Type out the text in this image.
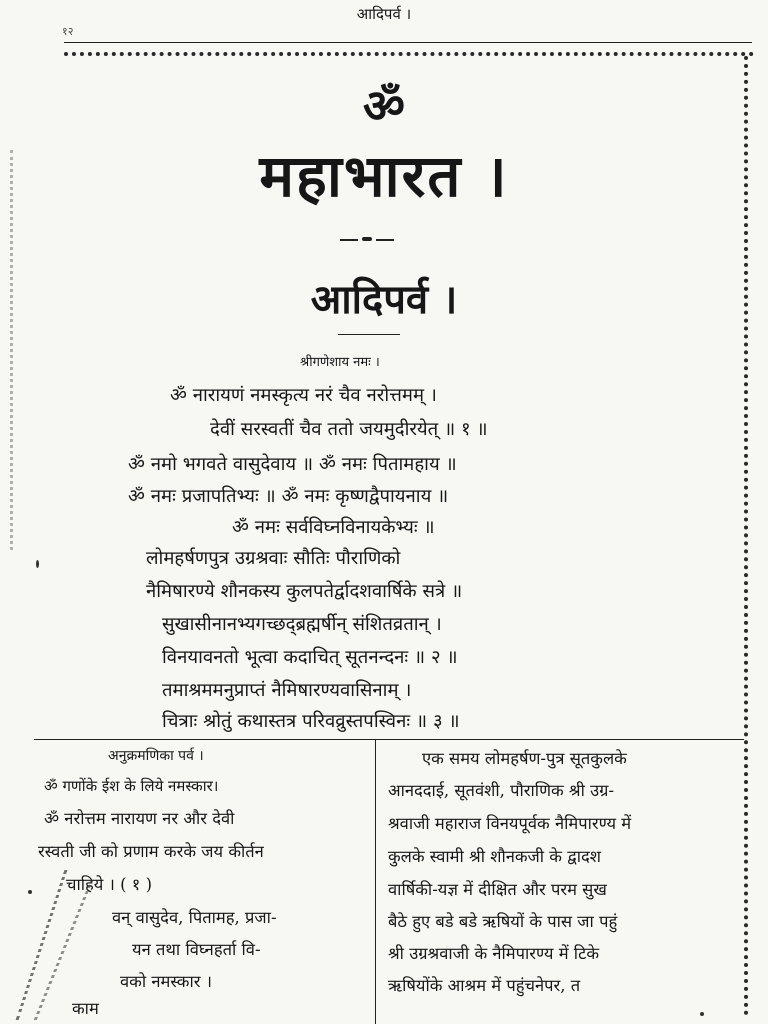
आदिपर्व ।
१२
ॐ
महाभारत ।
आदिपर्व ।
श्रीगणेशाय नमः ।
ॐ नारायणं नमस्कृत्य नरं चैव नरोत्तमम् ।
देवीं सरस्वतीं चैव ततो जयमुदीरयेत् ॥ १ ॥
ॐ नमो भगवते वासुदेवाय ॥ ॐ नमः पितामहाय ॥
ॐ नमः प्रजापतिभ्यः ॥ ॐ नमः कृष्णद्वैपायनाय ॥
ॐ नमः सर्वविघ्नविनायकेभ्यः ॥
लोमहर्षणपुत्र उग्रश्रवाः सौतिः पौराणिको
नैमिषारण्ये शौनकस्य कुलपतेर्द्वादशवार्षिके सत्रे ॥
सुखासीनानभ्यगच्छद्ब्रह्मर्षीन् संशितव्रतान् ।
विनयावनतो भूत्वा कदाचित् सूतनन्दनः ॥ २ ॥
तमाश्रममनुप्राप्तं नैमिषारण्यवासिनाम् ।
चित्राः श्रोतुं कथास्तत्र परिवव्रुस्तपस्विनः ॥ ३ ॥
अनुक्रमणिका पर्व ।
ॐ गणोंके ईश के लिये नमस्कार।
ॐ नरोत्तम नारायण नर और देवी
रस्वती जी को प्रणाम करके जय कीर्तन
चाहिये । ( १ )
वन् वासुदेव, पितामह, प्रजा-
यन तथा विघ्नहर्ता वि-
वको नमस्कार ।
काम
एक समय लोमहर्षण-पुत्र सूतकुलके
आनददाई, सूतवंशी, पौराणिक श्री उग्र-
श्रवाजी महाराज विनयपूर्वक नैमिपारण्य में
कुलके स्वामी श्री शौनकजी के द्वादश
वार्षिकी-यज्ञ में दीक्षित और परम सुख
बैठे हुए बडे बडे ऋषियों के पास जा पहुं
श्री उग्रश्रवाजी के नैमिपारण्य में टिके
ऋषियोंके आश्रम में पहुंचनेपर, त
